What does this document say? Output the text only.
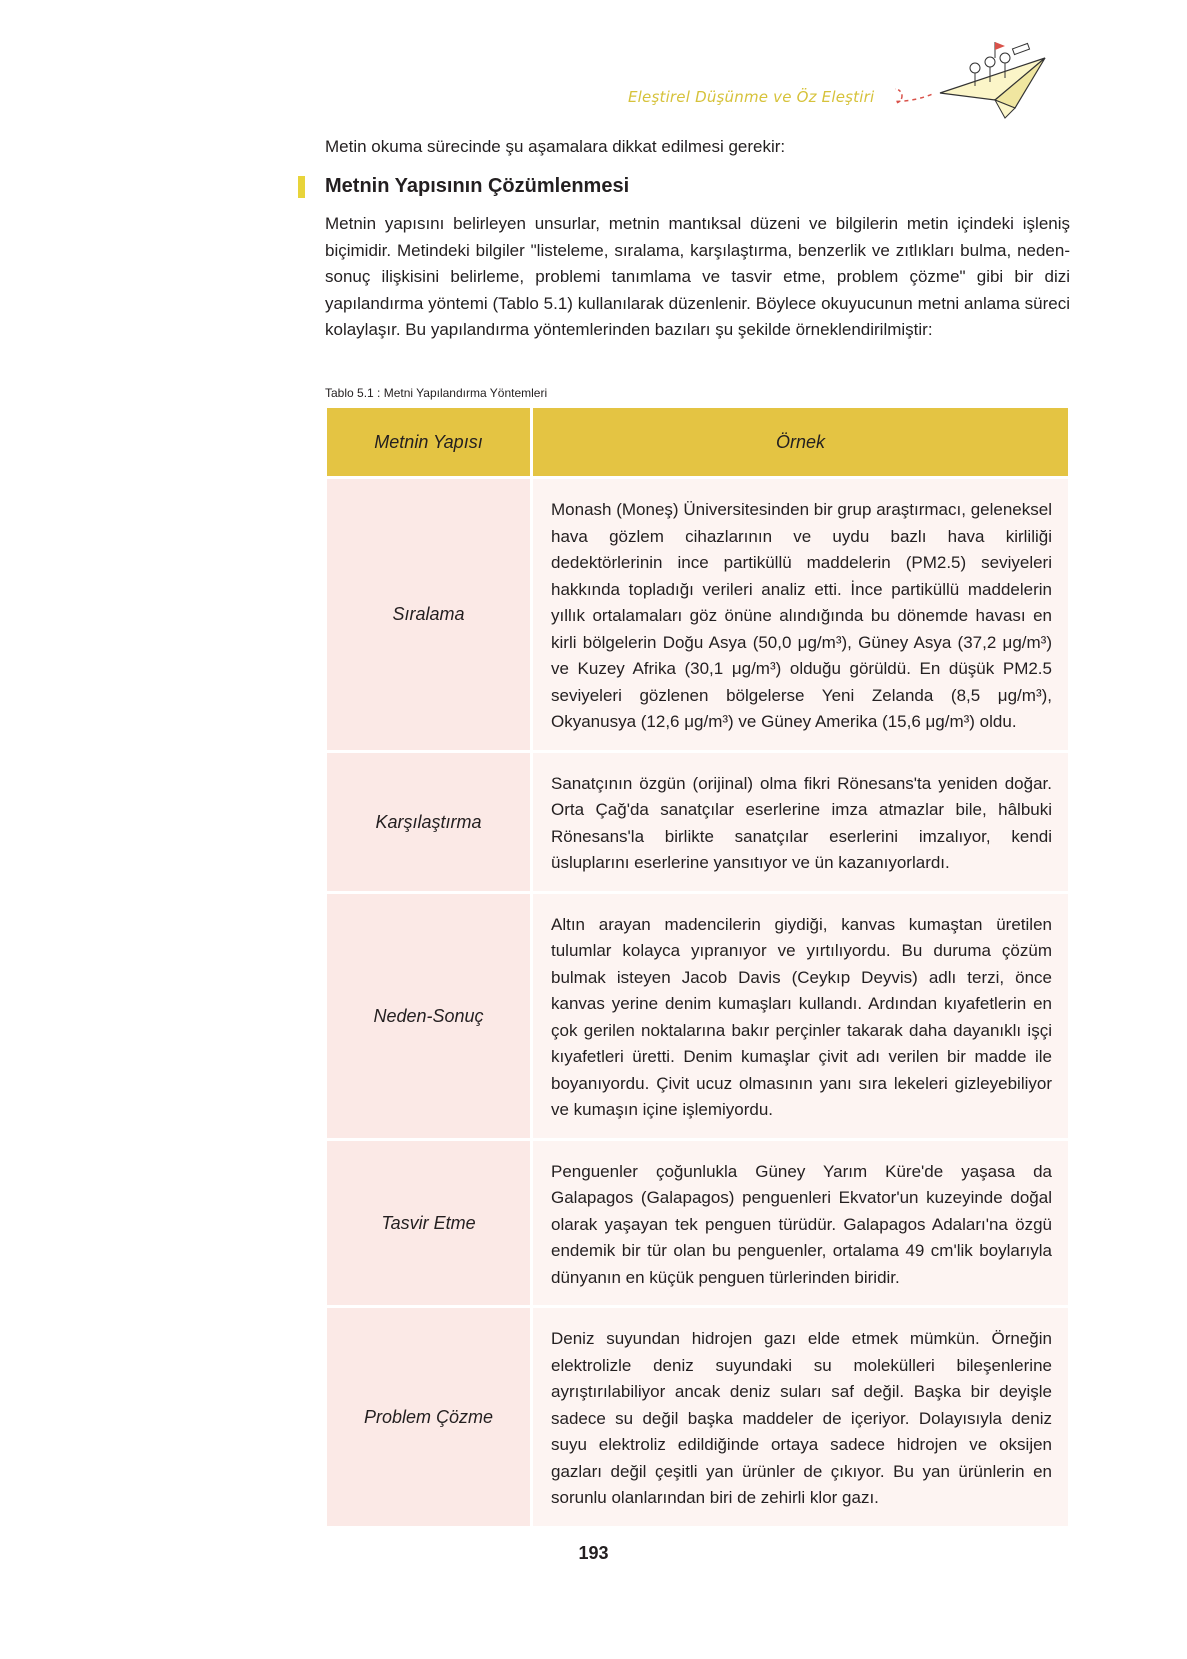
Eleştirel Düşünme ve Öz Eleştiri
Metin okuma sürecinde şu aşamalara dikkat edilmesi gerekir:
Metnin Yapısının Çözümlenmesi
Metnin yapısını belirleyen unsurlar, metnin mantıksal düzeni ve bilgilerin metin içindeki işleniş biçimidir. Metindeki bilgiler "listeleme, sıralama, karşılaştırma, benzerlik ve zıtlıkları bulma, neden-sonuç ilişkisini belirleme, problemi tanımlama ve tasvir etme, problem çözme" gibi bir dizi yapılandırma yöntemi (Tablo 5.1) kullanılarak düzenlenir. Böylece okuyucunun metni anlama süreci kolaylaşır. Bu yapılandırma yöntemlerinden bazıları şu şekilde örneklendirilmiştir:
Tablo 5.1 : Metni Yapılandırma Yöntemleri
Metnin Yapısı	Örnek
Sıralama	Monash (Moneş) Üniversitesinden bir grup araştırmacı, geleneksel hava gözlem cihazlarının ve uydu bazlı hava kirliliği dedektörlerinin ince partiküllü maddelerin (PM2.5) seviyeleri hakkında topladığı verileri analiz etti. İnce partiküllü maddelerin yıllık ortalamaları göz önüne alındığında bu dönemde havası en kirli bölgelerin Doğu Asya (50,0 μg/m³), Güney Asya (37,2 μg/m³) ve Kuzey Afrika (30,1 μg/m³) olduğu görüldü. En düşük PM2.5 seviyeleri gözlenen bölgelerse Yeni Zelanda (8,5 μg/m³), Okyanusya (12,6 μg/m³) ve Güney Amerika (15,6 μg/m³) oldu.
Karşılaştırma	Sanatçının özgün (orijinal) olma fikri Rönesans'ta yeniden doğar. Orta Çağ'da sanatçılar eserlerine imza atmazlar bile, hâlbuki Rönesans'la birlikte sanatçılar eserlerini imzalıyor, kendi üsluplarını eserlerine yansıtıyor ve ün kazanıyorlardı.
Neden-Sonuç	Altın arayan madencilerin giydiği, kanvas kumaştan üretilen tulumlar kolayca yıpranıyor ve yırtılıyordu. Bu duruma çözüm bulmak isteyen Jacob Davis (Ceykıp Deyvis) adlı terzi, önce kanvas yerine denim kumaşları kullandı. Ardından kıyafetlerin en çok gerilen noktalarına bakır perçinler takarak daha dayanıklı işçi kıyafetleri üretti. Denim kumaşlar çivit adı verilen bir madde ile boyanıyordu. Çivit ucuz olmasının yanı sıra lekeleri gizleyebiliyor ve kumaşın içine işlemiyordu.
Tasvir Etme	Penguenler çoğunlukla Güney Yarım Küre'de yaşasa da Galapagos (Galapagos) penguenleri Ekvator'un kuzeyinde doğal olarak yaşayan tek penguen türüdür. Galapagos Adaları'na özgü endemik bir tür olan bu penguenler, ortalama 49 cm'lik boylarıyla dünyanın en küçük penguen türlerinden biridir.
Problem Çözme	Deniz suyundan hidrojen gazı elde etmek mümkün. Örneğin elektrolizle deniz suyundaki su molekülleri bileşenlerine ayrıştırılabiliyor ancak deniz suları saf değil. Başka bir deyişle sadece su değil başka maddeler de içeriyor. Dolayısıyla deniz suyu elektroliz edildiğinde ortaya sadece hidrojen ve oksijen gazları değil çeşitli yan ürünler de çıkıyor. Bu yan ürünlerin en sorunlu olanlarından biri de zehirli klor gazı.
193
